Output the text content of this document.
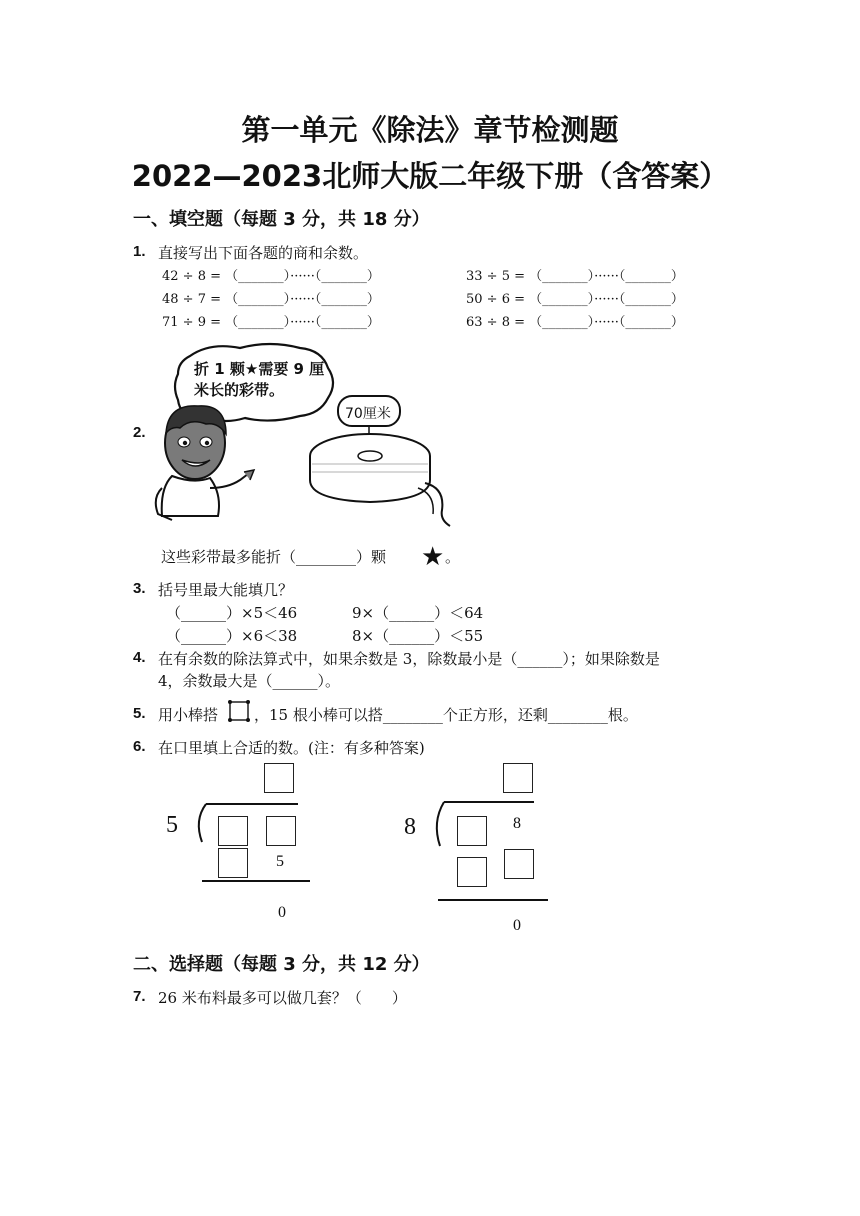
第一单元《除法》章节检测题
2022—2023北师大版二年级下册（含答案）
一、填空题（每题 3 分，共 18 分）
1. 直接写出下面各题的商和余数。
42 ÷ 8 = （_______）······（_______）	33 ÷ 5 = （_______）······（_______）
48 ÷ 7 = （_______）······（_______）	50 ÷ 6 = （_______）······（_______）
71 ÷ 9 = （_______）······（_______）	63 ÷ 8 = （_______）······（_______）
2.
折 1 颗★需要 9 厘
米长的彩带。
70厘米
这些彩带最多能折（________）颗 ★ 。
3. 括号里最大能填几？
（______）×5＜46	9×（______）＜64
（______）×6＜38	8×（______）＜55
4. 在有余数的除法算式中，如果余数是 3，除数最小是（______）；如果除数是
4，余数最大是（______）。
5. 用小棒搭 ，15 根小棒可以搭________个正方形，还剩________根。
6. 在口里填上合适的数。(注：有多种答案)
5
5
0
8	8
0
二、选择题（每题 3 分，共 12 分）
7. 26 米布料最多可以做几套？（　　）
